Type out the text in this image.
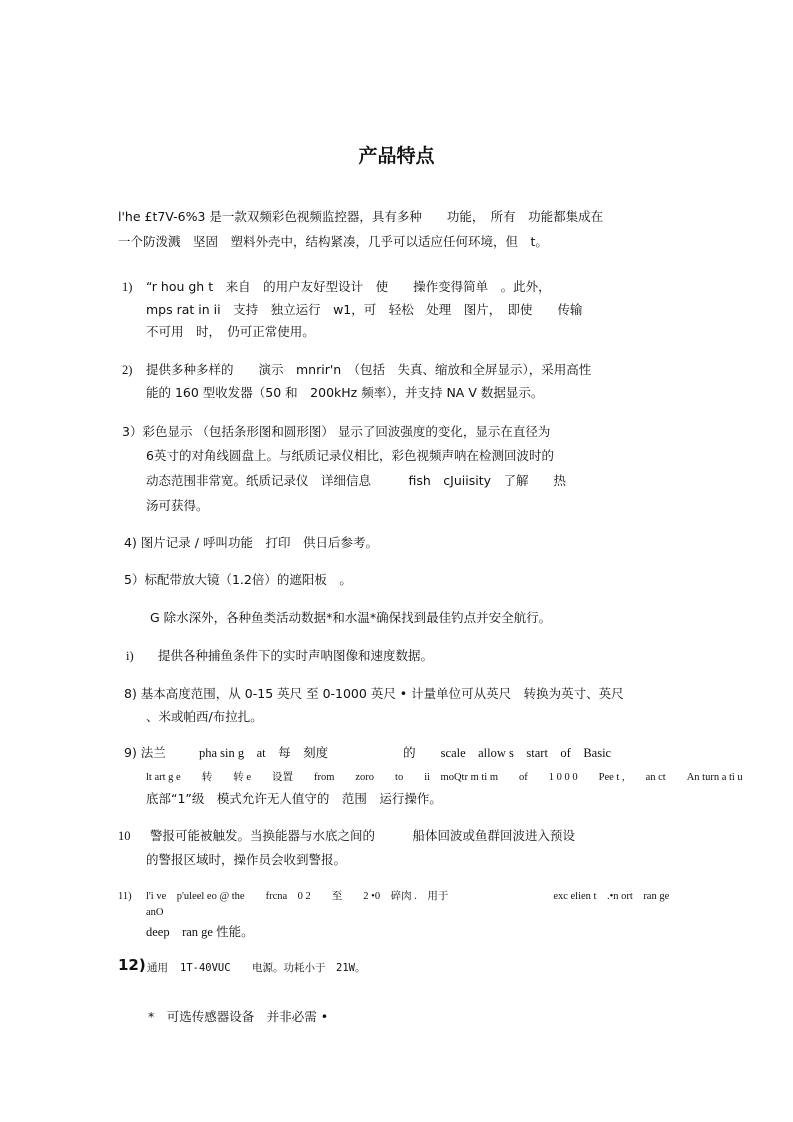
产品特点
l'he £t7V-6%3 是一款双频彩色视频监控器，具有多种　　功能，　所有　功能都集成在
一个防泼溅　坚固　塑料外壳中，结构紧凑，几乎可以适应任何环境，但　t。
1) “r hou gh t　来自　的用户友好型设计　使　　操作变得简单　。此外，
mps rat in ii　支持　独立运行　w1，可　轻松　处理　图片，　即使　　传输
不可用　时，　仍可正常使用。
2) 提供多种多样的　　演示　mnrir'n　（包括　失真、缩放和全屏显示），采用高性
能的 160 型收发器（50 和　200kHz 频率），并支持 NA V 数据显示。
3）彩色显示 （包括条形图和圆形图） 显示了回波强度的变化，显示在直径为
6英寸的对角线圆盘上。与纸质记录仪相比，彩色视频声呐在检测回波时的
动态范围非常宽。纸质记录仪　详细信息　　　fish　cJuiisity　了解　　热
汤可获得。
4) 图片记录 / 呼叫功能　打印　供日后参考。
5）标配带放大镜（1.2倍）的遮阳板　。
G 除水深外，各种鱼类活动数据*和水温*确保找到最佳钓点并安全航行。
i) 提供各种捕鱼条件下的实时声呐图像和速度数据。
8) 基本高度范围，从 0-15 英尺 至 0-1000 英尺 • 计量单位可从英尺　转换为英寸、英尺
、米或帕西/布拉扎。
9) 法兰	pha sin g　at　每　刻度　　　　　　的　　scale　allow s　start　of　Basic
lt art g e　　转　　转 e　　设置　　from　　zoro　　to　　ii　moQtr m ti m　　of　　1 0 0 0　　Pee t ,　　an ct　　An turn a ti u
底部“1”级　模式允许无人值守的　范围　运行操作。
10 警报可能被触发。当换能器与水底之间的　　　船体回波或鱼群回波进入预设
的警报区域时，操作员会收到警报。
11) l'i ve　p'uleel eo @ the　　frcna　0 2　　至　　2 •0　碎肉 .　用于　　　　　　　　　　exc elien t　.•n ort　ran ge
anO
deep　ran ge 性能。
12) 通用 1T-40VUC 电源。功耗小于 21W。
*　可选传感器设备　并非必需 •
